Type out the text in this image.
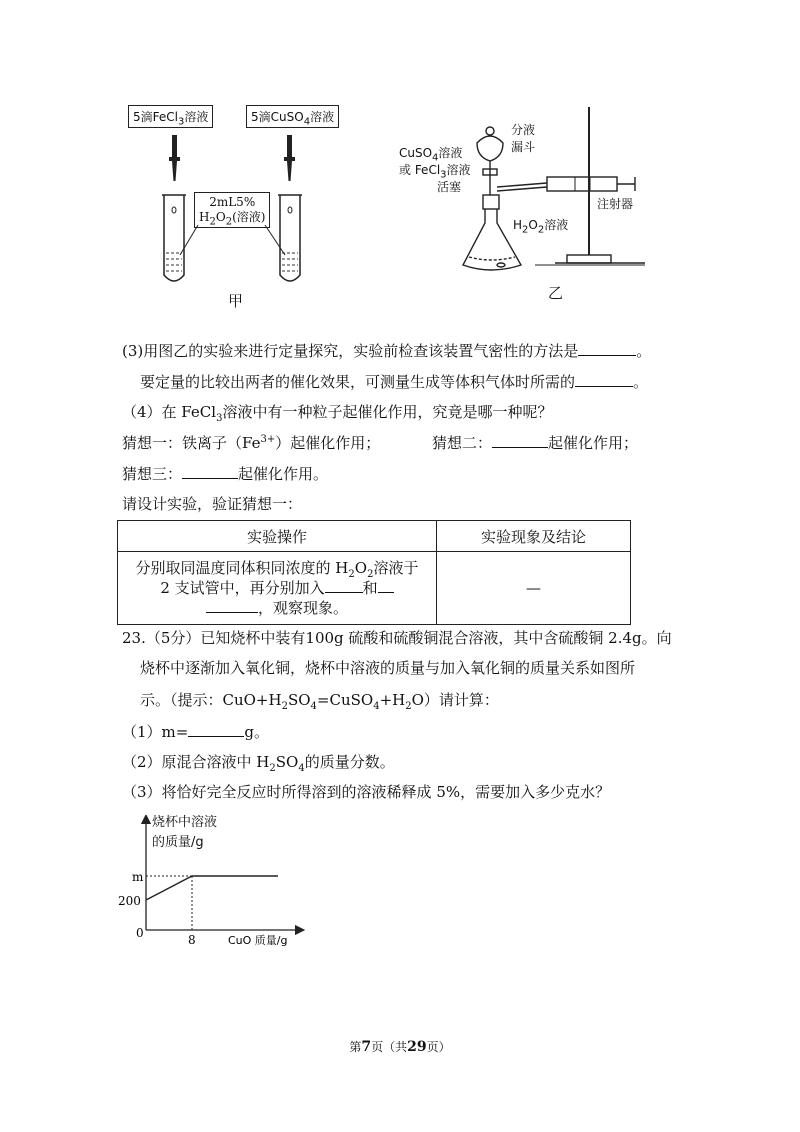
5滴FeCl$_3$溶液	5滴CuSO$_4$溶液
2mL5%
$H_2O_2$(溶液)
甲
分液
漏斗
CuSO$_4$溶液
或 FeCl$_3$溶液
活塞
注射器
$H_2O_2$溶液
乙
(3)用图乙的实验来进行定量探究，实验前检查该装置气密性的方法是	。
要定量的比较出两者的催化效果，可测量生成等体积气体时所需的	。
（4）在 FeCl$_3$溶液中有一种粒子起催化作用，究竟是哪一种呢？
猜想一：铁离子$(Fe^{3+})$起催化作用；	猜想二：	起催化作用；
猜想三：	起催化作用。
请设计实验，验证猜想一：
实验操作	实验现象及结论

分别取同温度同体积同浓度的 $H_2O_2$溶液于
2 支试管中，再分别加入 和
，观察现象。	—
23.（5分）已知烧杯中装有100g 硫酸和硫酸铜混合溶液，其中含硫酸铜 2.4g。向
烧杯中逐渐加入氧化铜，烧杯中溶液的质量与加入氧化铜的质量关系如图所
示。（提示：$CuO+H_2SO_4=CuSO_4+H_2O$）请计算：
（1）m=	g。
（2）原混合溶液中 $H_2SO_4$的质量分数。
（3）将恰好完全反应时所得溶到的溶液稀释成 5%，需要加入多少克水？
烧杯中溶液
的质量/g
m
200
0	8	CuO 质量/g
第7页（共29页）
